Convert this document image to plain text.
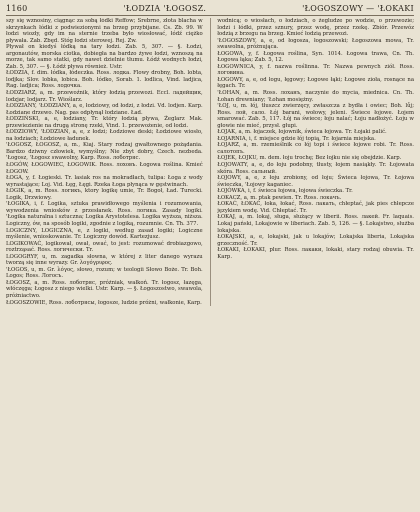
1160	'ŁODZIA 'ŁOGOSZ.	'ŁOGOSZOWY — 'ŁOKAKI

szy się wznosiny, ciągnąc za sobą łódki Reffow; Śrebrne, złota blacha w skrzynkach łódki z podwiezionymi na brzeg przybijane. Cs. Zb. 99. W łodzi wiozły, gdy im na sternie trzeba było wiosłować, łódź ciężko pływała. Zab. Zbęd. Stóg łodzi sterowej. Rej. Zw.

Pływał on kiedyś łódką na tary łodzi. Zab. 5, 307. — §. Łodzi, argonautów, morska ciotka, dobiegła na bardzo żywe łodzi, wznoszą na morze, tak samo statki, gdy nawet dzielnie tłumu. Łódź wodnych łodzi, Zab. 5, 307. — §. Łódź pływa również. Ustr.

ŁODZIA, f. dim. łódka, łódeczka. Ross. лодка. Flowy drobny, Boh. lobta, lodjka; Slov. lobka, lobica. Boh. łódko, Sorab. 1. lodlica, Vind. ladjica, Rag. ladjica; Ross. лодочка.

ŁODZIARZ, a, m. przewoźnik, który łodzią przewozi. Eccl. ладейщик, lodzjar, lodjarz. Tr. Wioślarz.

ŁODZIANY, 'ŁODZIANY, a, e, łodziowy, od łodzi, z łodzi. Vd. lodjen. Karp. Łodziane drzewo. Nag. pas odpłynął łodziane. Ład.

ŁODZIŃSKI, a, e, łodziany, Tr. który łodzią pływa, Żeglarz Mak. przewiezienie na drugą stronę rzeki, Vind. 1. przewożenie, od łodzi.

ŁODZIOWY, 'ŁODZIAŃ, a, e, z łodzi; Łodziowe deski; Łodziowe wiosło, na łodziach; Łodziowe ładunek.

'ŁOGOSZ, ŁOGOSZ, a, m., Kiaj. Stary rodzaj gwałtownego pożądania. Bardzo dziwny człowiek, wymyślny; Nie zbyt dobry, Czech. nezbeda. 'Łogosz, 'Łogosz swawolny, Karp. Ross. лоботряс.

ŁOGÓW, ŁOGOWIEC, ŁOGOWIK. Ross. лоховъ. Łogowa roślina. Kmieć ŁOGOW.

ŁOGA, y, f. Łogieski. Tr. lasiak ros na mokradłach, tulipa: Łoga z wody wyrastające; Loj. Vid. Łęg, Łęgi. Rzeka Łoga płynąca w gęstwinach.

ŁOGIK, a, m. Ross. логикъ, ktory logikę umie, Tr. Bogoł, Ład. Turecki. Logik, Drzwiowy.

'ŁOGIKA, i, f. Logika, sztuka prawidłowego myślenia i rozumowania, wywodzenia wniosków z przesłanek. Ross. логика. Zasady logiki. 'Łogika naturalna i sztuczna; Logika Arystotelesa. Logika wyższa, niższa. Logiczny, ów, na sposób logiki, zgodnie z logiką, rozumnie. Cn. Th. 377.

LOGICZNY, LOGICZNA, e, z logiki, według zasad logiki; Logiczne myślenie, wnioskowanie. Tr. Logiczny dowód. Kartezjusz.

LOGIKOWAĆ, logikował, ował, ować, to jest: rozumować drobiazgowo, roztrząsać. Ross. логически. Tr.

LOGOGRYF, u, m. zagadka słowna, w której z liter danego wyrazu tworzą się inne wyrazy. Gr. λογόγριφος.

'ŁOGOS, u, m. Gr. λόγος, słowo, rozum; w teologii Słowo Boże. Tr. Boh. Logos; Ross. Логосъ.

ŁOGOSZ, a, m. Ross. лоботряс, próżniak, wałkoń. Tr. łogosz, łazęga, włóczęga; Łogosz z niego wielki. Ustr. Karp. — §. Łogoszostwo, swawola, próżniactwo.

ŁOGOSZOWIE, Ross. лоботрясы, łogosze, ludzie próżni, wałkonie, Karp.

wodnicą; o wiosłach, o łodziach, o żegludze po wodzie, o przewozie; lodzi i łódki, przez sznury, przez wodę, przez rzekę. Zbiór. Przewóz łodzią z brzegu na brzeg. Kmieć łodzią przewozi.

'ŁOGOSZOWY, a, e, od łogosza, łogoszowski; Łogoszowa mowa, Tr. swawolna, próżnująca.

ŁOGOWA, y, f. Łogowa roślina, Syn. 1014. Łogowa trawa, Cn. Th. Łogowa łąka; Zab. 5, 12.

ŁOGOWNICA, y, f. nazwa roślinna. Tr. Nazwa pewnych ziół. Ross. логовина.

ŁOGOWY, a, e, od łogu, łęgowy; Łogowe łąki; Łogowe zioła, rosnące na łęgach. Tr.

'ŁOHAN, a, m. Ross. лоханъ, naczynie do mycia, miednica. Cn. Th. Łohan drewniany; 'Łohan mosiężny.

'ŁOJ, u, m. łój, tłuszcz zwierzęcy, zwłaszcza z bydła i owiec; Boh. lůj; Ross. лой, сало. Łój barani, wołowy, jeleni. Świece łojowe. Łojem smarować. Zab. 5, 117. Łój na świece; łoju nalać; Łoju nadłożyć. Łoju w głowie nie mieć, przysł. głupi.

ŁOJAK, a, m. łojaczek, łojownik, świeca łojowa. Tr. Łojaki palić.

ŁOJARNIA, i, f. miejsce gdzie łój topią, Tr. łojarnia miejska.

ŁOJARZ, a, m. rzemieślnik co łój topi i świece łojowe robi. Tr. Ross. салотопъ.

ŁOJEK, ŁOJKU, m. dem. łoju trochę; Bez łojku nie się obejdzie. Karp.

ŁOJOWATY, a, e, do łoju podobny, tłusty, łojem nasiąkły. Tr. Łojowata skóra. Ross. сальный.

ŁOJOWY, a, e, z łoju zrobiony, od łoju; Świeca łojowa, Tr. Łojowa świeczka, 'Łojowy kaganiec.

ŁOJÓWKA, i, f. świeca łojowa, łojowa świeczka. Tr.

ŁOKACZ, a, m. ptak pewien. Tr. Ross. локачъ.

ŁOKAĆ, ŁOKAĆ, łoka, łokać, Ross. лакать, chłeptać, jak pies chłepcze językiem wodę. Vid. Chłeptać. Tr.

ŁOKAJ, a, m. lokaj, sługa, służący w liberii. Ross. лакей. Fr. laquais. Lokaj pański, Lokajowie w liberiach. Zab. 5, 126. — §. Lokajstwo, służba lokajska.

ŁOKAJSKI, a, e, lokajski, jak u lokajów; Lokajska liberia, Lokajska grzeczność. Tr.

ŁOKAKI, ŁOKAKI, plur. Ross. лакаки, lokaki, stary rodzaj obuwia. Tr. Karp.
